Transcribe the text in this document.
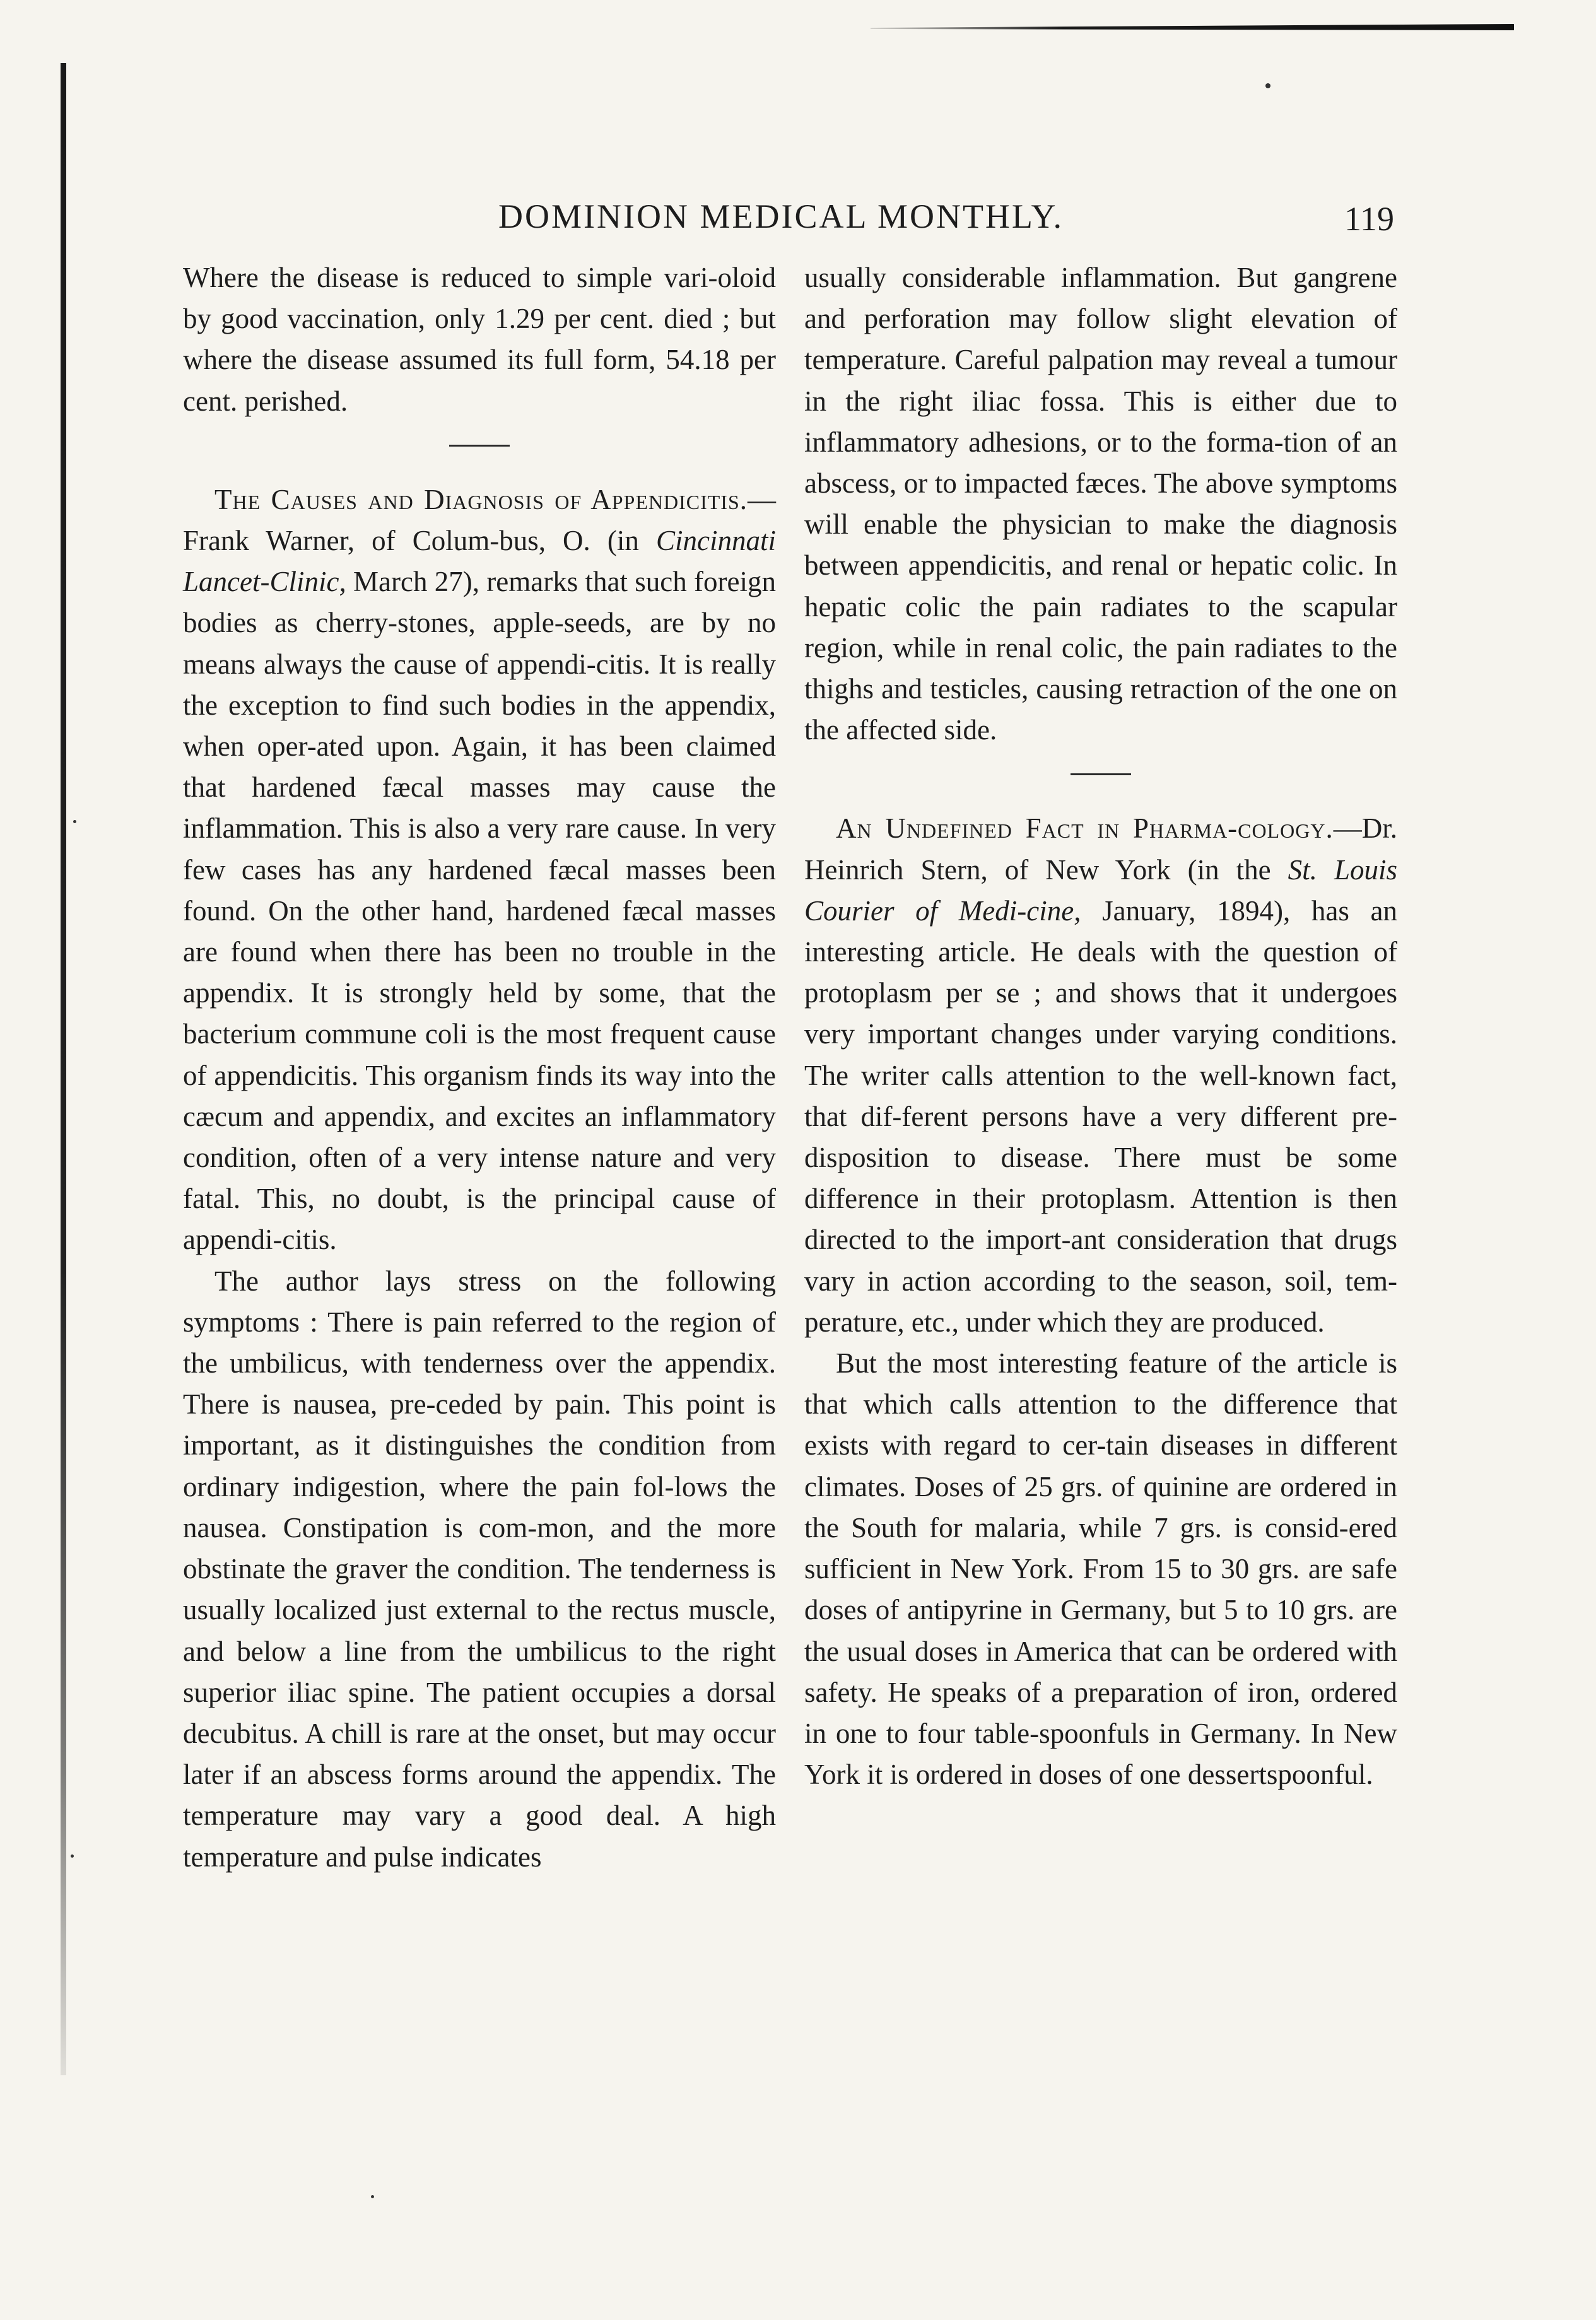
DOMINION MEDICAL MONTHLY.	119

Where the disease is reduced to simple vari-oloid by good vaccination, only 1.29 per cent. died ; but where the disease assumed its full form, 54.18 per cent. perished.

The Causes and Diagnosis of Appendicitis.—Frank Warner, of Colum-bus, O. (in Cincinnati Lancet-Clinic, March 27), remarks that such foreign bodies as cherry-stones, apple-seeds, are by no means always the cause of appendi-citis. It is really the exception to find such bodies in the appendix, when oper-ated upon. Again, it has been claimed that hardened fæcal masses may cause the inflammation. This is also a very rare cause. In very few cases has any hardened fæcal masses been found. On the other hand, hardened fæcal masses are found when there has been no trouble in the appendix. It is strongly held by some, that the bacterium commune coli is the most frequent cause of appendicitis. This organism finds its way into the cæcum and appendix, and excites an inflammatory condition, often of a very intense nature and very fatal. This, no doubt, is the principal cause of appendi-citis.

The author lays stress on the following symptoms : There is pain referred to the region of the umbilicus, with tenderness over the appendix. There is nausea, pre-ceded by pain. This point is important, as it distinguishes the condition from ordinary indigestion, where the pain fol-lows the nausea. Constipation is com-mon, and the more obstinate the graver the condition. The tenderness is usually localized just external to the rectus muscle, and below a line from the umbilicus to the right superior iliac spine. The patient occupies a dorsal decubitus. A chill is rare at the onset, but may occur later if an abscess forms around the appendix. The temperature may vary a good deal. A high temperature and pulse indicates

usually considerable inflammation. But gangrene and perforation may follow slight elevation of temperature. Careful palpation may reveal a tumour in the right iliac fossa. This is either due to inflammatory adhesions, or to the forma-tion of an abscess, or to impacted fæces. The above symptoms will enable the physician to make the diagnosis between appendicitis, and renal or hepatic colic. In hepatic colic the pain radiates to the scapular region, while in renal colic, the pain radiates to the thighs and testicles, causing retraction of the one on the affected side.

An Undefined Fact in Pharma-cology.—Dr. Heinrich Stern, of New York (in the St. Louis Courier of Medi-cine, January, 1894), has an interesting article. He deals with the question of protoplasm per se ; and shows that it undergoes very important changes under varying conditions. The writer calls attention to the well-known fact, that dif-ferent persons have a very different pre-disposition to disease. There must be some difference in their protoplasm. Attention is then directed to the import-ant consideration that drugs vary in action according to the season, soil, tem-perature, etc., under which they are produced.

But the most interesting feature of the article is that which calls attention to the difference that exists with regard to cer-tain diseases in different climates. Doses of 25 grs. of quinine are ordered in the South for malaria, while 7 grs. is consid-ered sufficient in New York. From 15 to 30 grs. are safe doses of antipyrine in Germany, but 5 to 10 grs. are the usual doses in America that can be ordered with safety. He speaks of a preparation of iron, ordered in one to four table-spoonfuls in Germany. In New York it is ordered in doses of one dessertspoonful.
